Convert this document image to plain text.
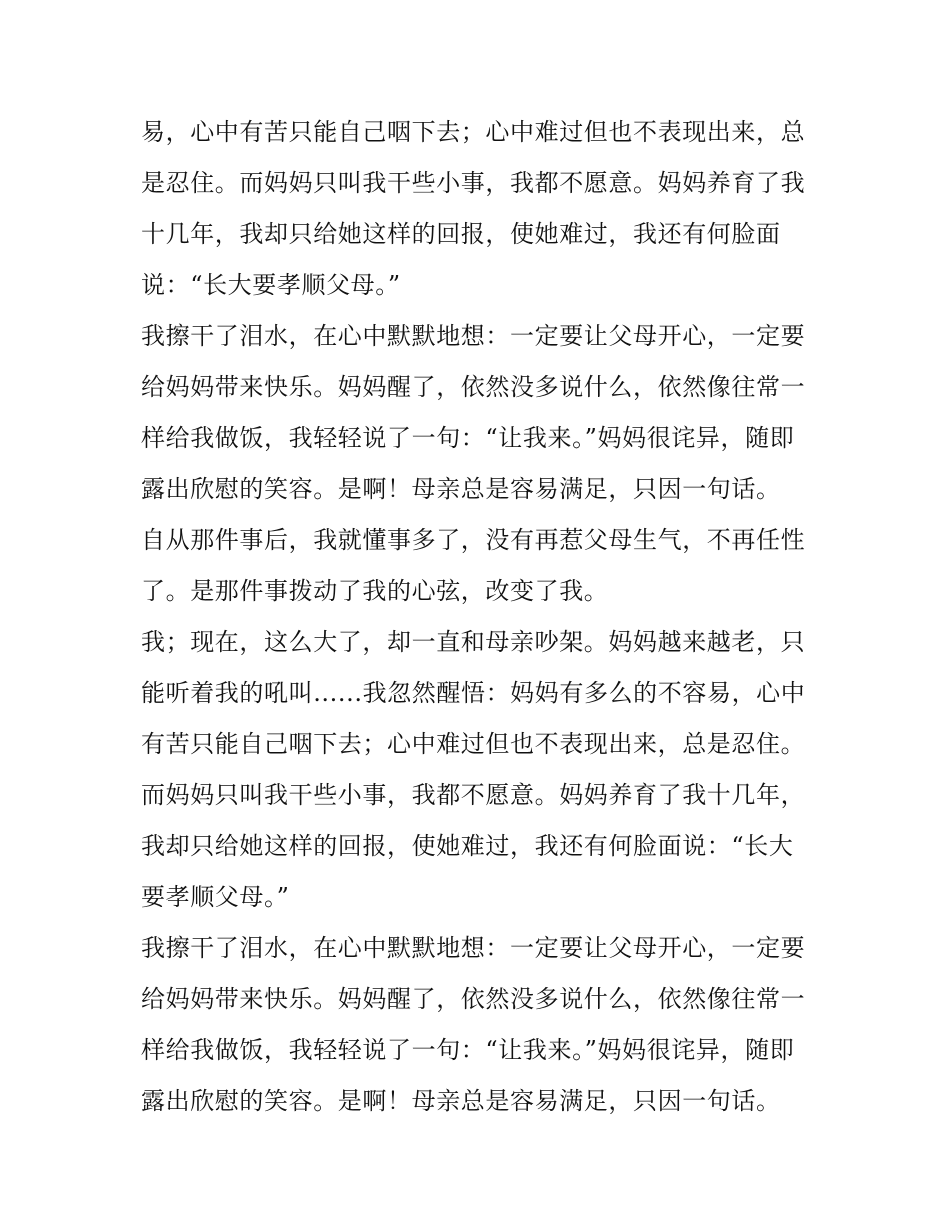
易，心中有苦只能自己咽下去；心中难过但也不表现出来，总
是忍住。而妈妈只叫我干些小事，我都不愿意。妈妈养育了我
十几年，我却只给她这样的回报，使她难过，我还有何脸面
说：“长大要孝顺父母。”
我擦干了泪水，在心中默默地想：一定要让父母开心，一定要
给妈妈带来快乐。妈妈醒了，依然没多说什么，依然像往常一
样给我做饭，我轻轻说了一句：“让我来。”妈妈很诧异，随即
露出欣慰的笑容。是啊！母亲总是容易满足，只因一句话。
自从那件事后，我就懂事多了，没有再惹父母生气，不再任性
了。是那件事拨动了我的心弦，改变了我。
我；现在，这么大了，却一直和母亲吵架。妈妈越来越老，只
能听着我的吼叫......我忽然醒悟：妈妈有多么的不容易，心中
有苦只能自己咽下去；心中难过但也不表现出来，总是忍住。
而妈妈只叫我干些小事，我都不愿意。妈妈养育了我十几年，
我却只给她这样的回报，使她难过，我还有何脸面说：“长大
要孝顺父母。”
我擦干了泪水，在心中默默地想：一定要让父母开心，一定要
给妈妈带来快乐。妈妈醒了，依然没多说什么，依然像往常一
样给我做饭，我轻轻说了一句：“让我来。”妈妈很诧异，随即
露出欣慰的笑容。是啊！母亲总是容易满足，只因一句话。
